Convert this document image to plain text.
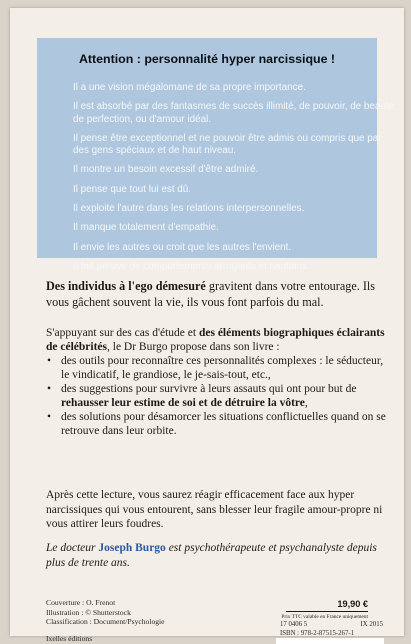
Attention : personnalité hyper narcissique !
Il a une vision mégalomane de sa propre importance.
Il est absorbé par des fantasmes de succès illimité, de pouvoir, de beauté, de perfection, ou d'amour idéal.
Il pense être exceptionnel et ne pouvoir être admis ou compris que par des gens spéciaux et de haut niveau.
Il montre un besoin excessif d'être admiré.
Il pense que tout lui est dû.
Il exploite l'autre dans les relations interpersonnelles.
Il manque totalement d'empathie.
Il envie les autres ou croit que les autres l'envient.
Il fait preuve de comportements arrogants et hautains.
Des individus à l'ego démesuré gravitent dans votre entourage. Ils vous gâchent souvent la vie, ils vous font parfois du mal.
S'appuyant sur des cas d'étude et des éléments biographiques éclairants de célébrités, le Dr Burgo propose dans son livre :
• des outils pour reconnaître ces personnalités complexes : le séducteur, le vindicatif, le grandiose, le je-sais-tout, etc.,
• des suggestions pour survivre à leurs assauts qui ont pour but de rehausser leur estime de soi et de détruire la vôtre,
• des solutions pour désamorcer les situations conflictuelles quand on se retrouve dans leur orbite.
Après cette lecture, vous saurez réagir efficacement face aux hyper narcissiques qui vous entourent, sans blesser leur fragile amour-propre ni vous attirer leurs foudres.
Le docteur Joseph Burgo est psychothérapeute et psychanalyste depuis plus de trente ans.
Couverture : O. Frenot
Illustration : © Shutterstock
Classification : Document/Psychologie
Ixelles éditions
19,90 €
Prix TTC valable en France uniquement
17 0406 5	IX 2015
ISBN : 978-2-87515-267-1
